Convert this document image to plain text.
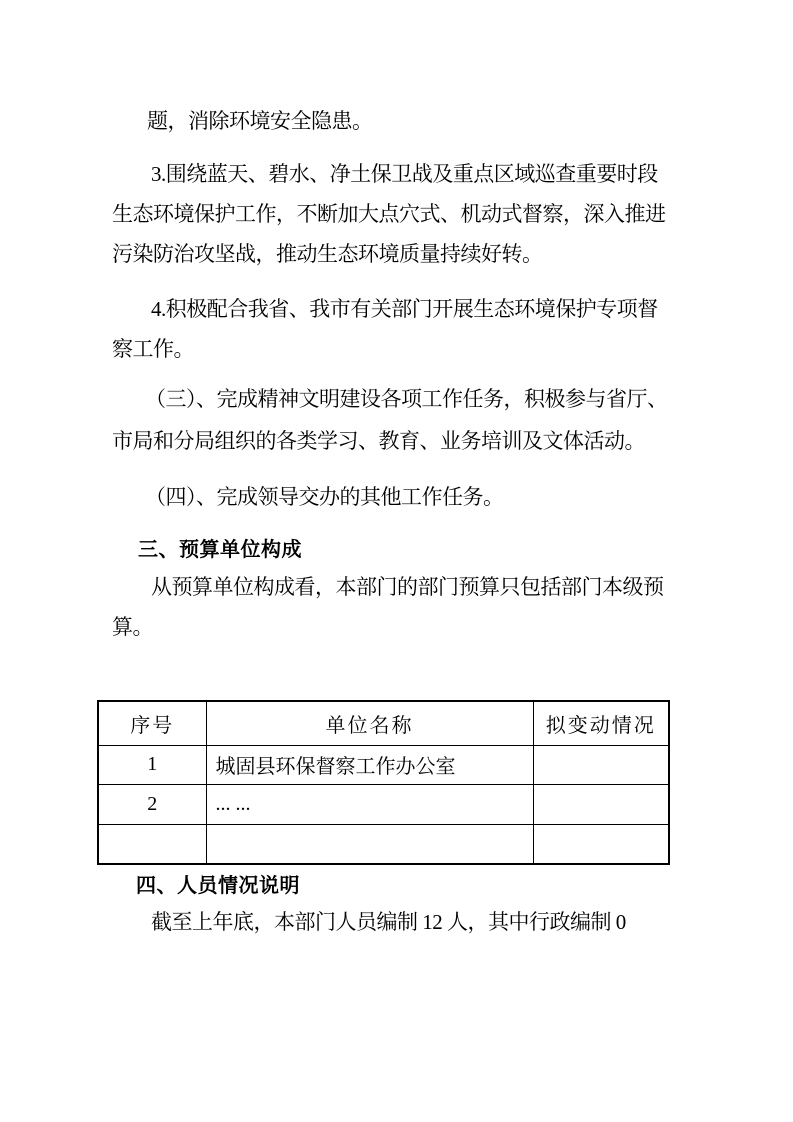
题，消除环境安全隐患。
3.围绕蓝天、碧水、净土保卫战及重点区域巡查重要时段
生态环境保护工作，不断加大点穴式、机动式督察，深入推进
污染防治攻坚战，推动生态环境质量持续好转。
4.积极配合我省、我市有关部门开展生态环境保护专项督
察工作。
（三）、完成精神文明建设各项工作任务，积极参与省厅、
市局和分局组织的各类学习、教育、业务培训及文体活动。
（四）、完成领导交办的其他工作任务。
三、预算单位构成
从预算单位构成看，本部门的部门预算只包括部门本级预
算。
序号	单位名称	拟变动情况
1	城固县环保督察工作办公室	
2	... ...	

四、人员情况说明
截至上年底，本部门人员编制 12 人，其中行政编制 0
